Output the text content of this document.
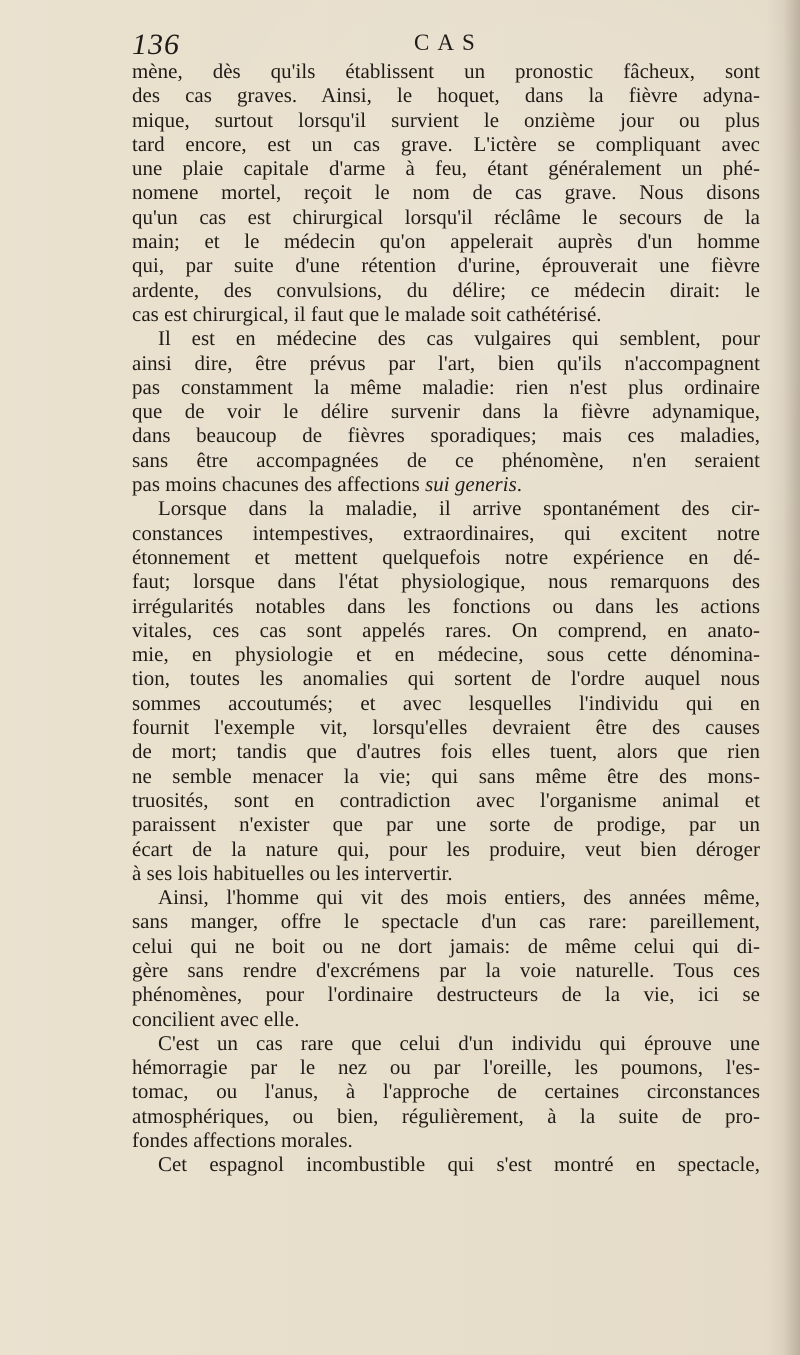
136	CAS
mène, dès qu'ils établissent un pronostic fâcheux, sont
des cas graves. Ainsi, le hoquet, dans la fièvre adyna-
mique, surtout lorsqu'il survient le onzième jour ou plus
tard encore, est un cas grave. L'ictère se compliquant avec
une plaie capitale d'arme à feu, étant généralement un phé-
nomene mortel, reçoit le nom de cas grave. Nous disons
qu'un cas est chirurgical lorsqu'il réclâme le secours de la
main; et le médecin qu'on appelerait auprès d'un homme
qui, par suite d'une rétention d'urine, éprouverait une fièvre
ardente, des convulsions, du délire; ce médecin dirait: le
cas est chirurgical, il faut que le malade soit cathétérisé.
Il est en médecine des cas vulgaires qui semblent, pour
ainsi dire, être prévus par l'art, bien qu'ils n'accompagnent
pas constamment la même maladie: rien n'est plus ordinaire
que de voir le délire survenir dans la fièvre adynamique,
dans beaucoup de fièvres sporadiques; mais ces maladies,
sans être accompagnées de ce phénomène, n'en seraient
pas moins chacunes des affections sui generis.
Lorsque dans la maladie, il arrive spontanément des cir-
constances intempestives, extraordinaires, qui excitent notre
étonnement et mettent quelquefois notre expérience en dé-
faut; lorsque dans l'état physiologique, nous remarquons des
irrégularités notables dans les fonctions ou dans les actions
vitales, ces cas sont appelés rares. On comprend, en anato-
mie, en physiologie et en médecine, sous cette dénomina-
tion, toutes les anomalies qui sortent de l'ordre auquel nous
sommes accoutumés; et avec lesquelles l'individu qui en
fournit l'exemple vit, lorsqu'elles devraient être des causes
de mort; tandis que d'autres fois elles tuent, alors que rien
ne semble menacer la vie; qui sans même être des mons-
truosités, sont en contradiction avec l'organisme animal et
paraissent n'exister que par une sorte de prodige, par un
écart de la nature qui, pour les produire, veut bien déroger
à ses lois habituelles ou les intervertir.
Ainsi, l'homme qui vit des mois entiers, des années même,
sans manger, offre le spectacle d'un cas rare: pareillement,
celui qui ne boit ou ne dort jamais: de même celui qui di-
gère sans rendre d'excrémens par la voie naturelle. Tous ces
phénomènes, pour l'ordinaire destructeurs de la vie, ici se
concilient avec elle.
C'est un cas rare que celui d'un individu qui éprouve une
hémorragie par le nez ou par l'oreille, les poumons, l'es-
tomac, ou l'anus, à l'approche de certaines circonstances
atmosphériques, ou bien, régulièrement, à la suite de pro-
fondes affections morales.
Cet espagnol incombustible qui s'est montré en spectacle,
